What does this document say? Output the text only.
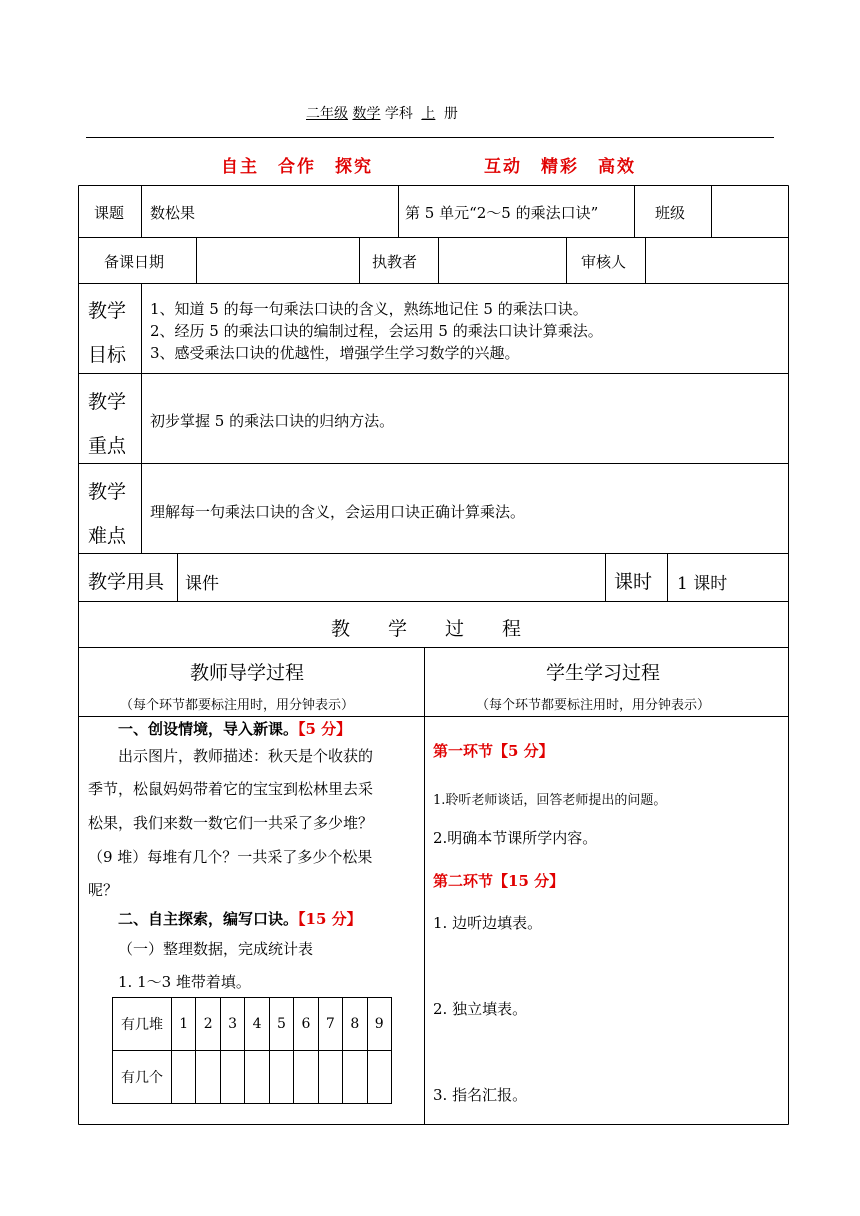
二年级 数学 学科 上 册
自主　合作　探究	互动　精彩　高效
课题 数松果	第 5 单元“2～5 的乘法口诀”	班级
备课日期	执教者	审核人
教学
目标
1、知道 5 的每一句乘法口诀的含义，熟练地记住 5 的乘法口诀。
2、经历 5 的乘法口诀的编制过程，会运用 5 的乘法口诀计算乘法。
3、感受乘法口诀的优越性，增强学生学习数学的兴趣。
教学
重点
初步掌握 5 的乘法口诀的归纳方法。
教学
难点
理解每一句乘法口诀的含义，会运用口诀正确计算乘法。
教学用具 课件	课时 1 课时
教　　学　　过　　程
教师导学过程
（每个环节都要标注用时，用分钟表示）
学生学习过程
（每个环节都要标注用时，用分钟表示）
一、创设情境，导入新课。【5 分】
出示图片，教师描述：秋天是个收获的
季节，松鼠妈妈带着它的宝宝到松林里去采
松果，我们来数一数它们一共采了多少堆？
（9 堆）每堆有几个？一共采了多少个松果
呢？
二、自主探索，编写口诀。【15 分】
（一）整理数据，完成统计表
1. 1～3 堆带着填。
有几堆	1	2	3	4	5	6	7	8	9
有几个									
第一环节【5 分】
1.聆听老师谈话，回答老师提出的问题。
2.明确本节课所学内容。
第二环节【15 分】
1. 边听边填表。
2. 独立填表。
3. 指名汇报。
